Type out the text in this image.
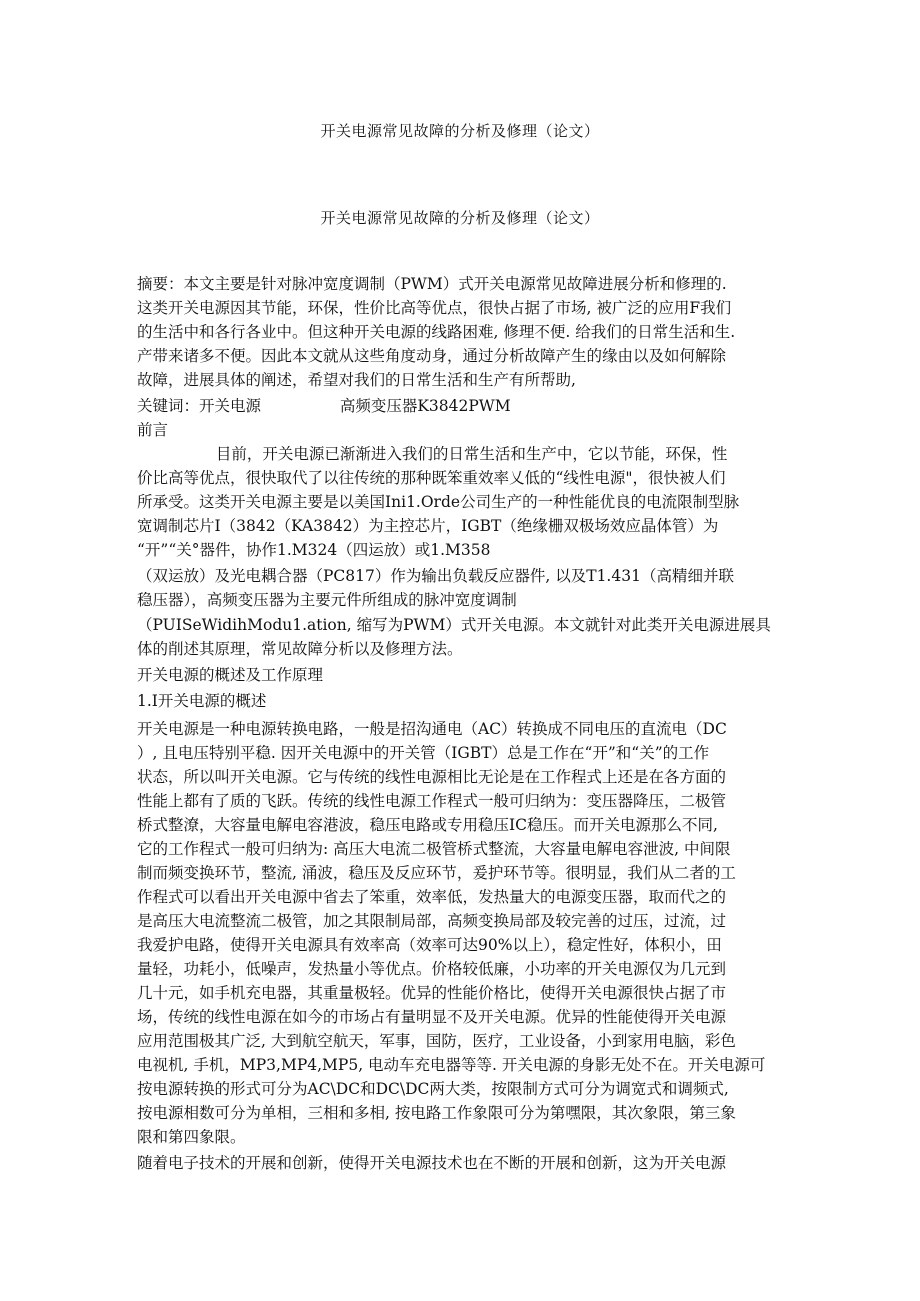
开关电源常见故障的分析及修理（论文）
开关电源常见故障的分析及修理（论文）
摘要：本文主要是针对脉冲宽度调制（PWM）式开关电源常见故障进展分析和修理的.
这类开关电源因其节能，环保，性价比高等优点，很快占据了市场, 被广泛的应用F我们
的生活中和各行各业中。但这种开关电源的线路困难, 修理不便. 给我们的日常生活和生.
产带来诸多不便。因此本文就从这些角度动身，通过分析故障产生的缘由以及如何解除
故障，进展具体的阐述，希望对我们的日常生活和生产有所帮助,
关键词：开关电源                高频变压器K3842PWM
前言
目前，开关电源已渐渐进入我们的日常生活和生产中，它以节能，环保，性
价比高等优点，很快取代了以往传统的那种既笨重效率乂低的“线性电源"，很快被人们
所承受。这类开关电源主要是以美国Ini1.Orde公司生产的一种性能优良的电流限制型脉
宽调制芯片I（3842（KA3842）为主控芯片，IGBT（绝缘栅双极场效应晶体管）为
“开”“关°器件，协作1.M324（四运放）或1.M358
（双运放）及光电耦合器（PC817）作为输出负载反应器件, 以及T1.431（高精细并联
稳压器），高频变压器为主要元件所组成的脉冲宽度调制
（PUISeWidihModu1.ation, 缩写为PWM）式开关电源。本文就针对此类开关电源进展具
体的削述其原理，常见故障分析以及修理方法。
开关电源的概述及工作原理
1.I开关电源的概述
开关电源是一种电源转换电路，一般是招沟通电（AC）转换成不同电压的直流电（DC
）, 且电压特别平稳. 因开关电源中的开关管（IGBT）总是工作在“开”和“关”的工作
状态，所以叫开关电源。它与传统的线性电源相比无论是在工作程式上还是在各方面的
性能上都有了质的飞跃。传统的线性电源工作程式一般可归纳为：变压器降压，二极管
桥式整潦，大容量电解电容港波，稳压电路或专用稳压IC稳压。而开关电源那么不同,
它的工作程式一般可归纳为: 高压大电流二极管桥式整流，大容量电解电容泄波, 中间限
制而频变换环节，整流, 涌波，稳压及反应环节，爰护环节等。很明显，我们从二者的工
作程式可以看出开关电源中省去了笨重，效率低，发热量大的电源变压器，取而代之的
是高压大电流整流二极管，加之其限制局部，高频变换局部及较完善的过压，过流，过
我爱护电路，使得开关电源具有效率高（效率可达90%以上），稳定性好，体积小，田
量轻，功耗小，低噪声，发热量小等优点。价格较低廉，小功率的开关电源仅为几元到
几十元，如手机充电器，其重量极轻。优异的性能价格比，使得开关电源很快占据了市
场，传统的线性电源在如今的市场占有量明显不及开关电源。优异的性能使得开关电源
应用范围极其广泛, 大到航空航天，军事，国防，医疗，工业设备，小到家用电脑，彩色
电视机, 手机，MP3,MP4,MP5, 电动车充电器等等. 开关电源的身影无处不在。开关电源可
按电源转换的形式可分为AC\DC和DC\DC两大类，按限制方式可分为调宽式和调频式,
按电源相数可分为单相，三相和多相, 按电路工作象限可分为第嘿限，其次象限，第三象
限和第四象限。
随着电子技术的开展和创新，使得开关电源技术也在不断的开展和创新，这为开关电源
